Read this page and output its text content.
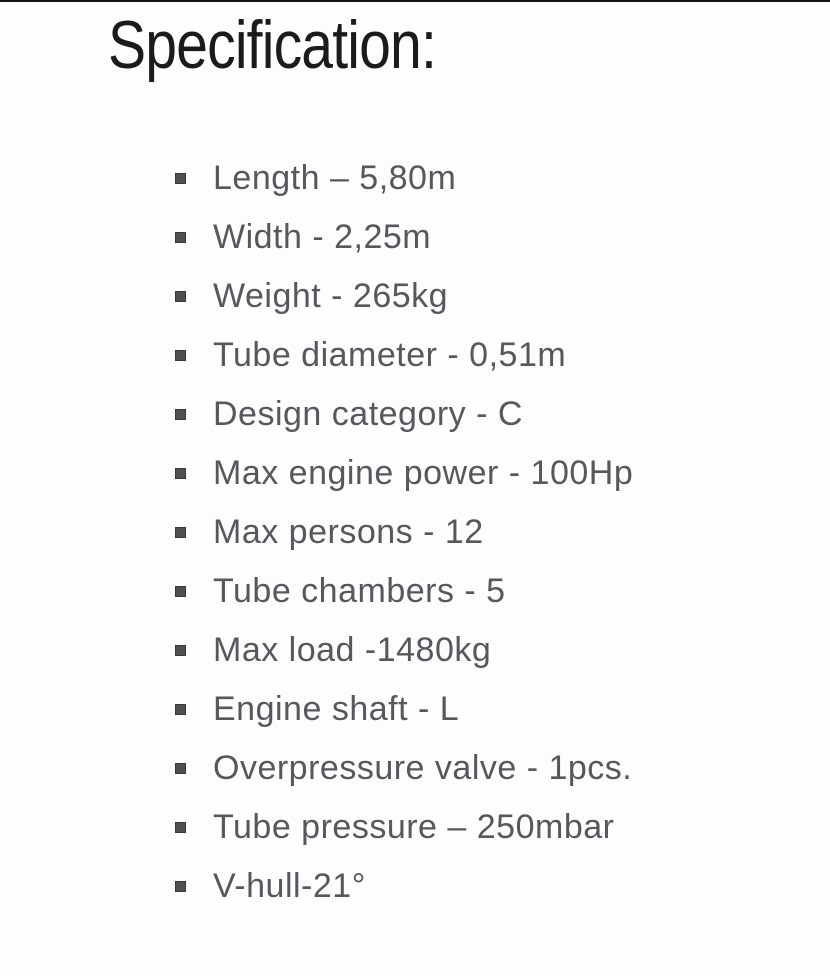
Specification:
Length – 5,80m
Width - 2,25m
Weight - 265kg
Tube diameter - 0,51m
Design category - C
Max engine power - 100Hp
Max persons - 12
Tube chambers - 5
Max load -1480kg
Engine shaft - L
Overpressure valve - 1pcs.
Tube pressure – 250mbar
V-hull-21°
